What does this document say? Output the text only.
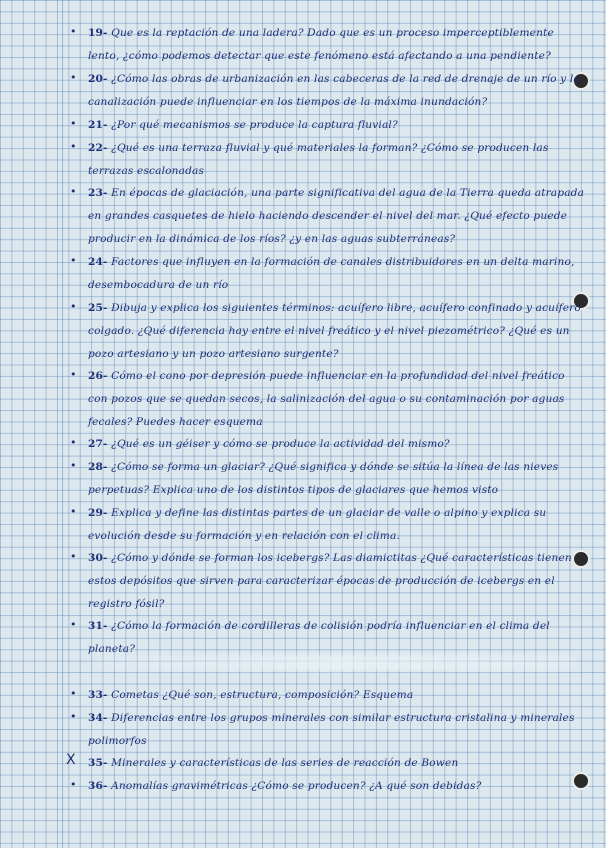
• 19- Que es la reptación de una ladera? Dado que es un proceso imperceptiblemente lento, ¿cómo podemos detectar que este fenómeno está afectando a una pendiente?
• 20- ¿Cómo las obras de urbanización en las cabeceras de la red de drenaje de un río y la canalización puede influenciar en los tiempos de la máxima inundación?
• 21- ¿Por qué mecanismos se produce la captura fluvial?
• 22- ¿Qué es una terraza fluvial y qué materiales la forman? ¿Cómo se producen las terrazas escalonadas
• 23- En épocas de glaciación, una parte significativa del agua de la Tierra queda atrapada en grandes casquetes de hielo haciendo descender el nivel del mar. ¿Qué efecto puede producir en la dinámica de los ríos? ¿y en las aguas subterráneas?
• 24- Factores que influyen en la formación de canales distribuidores en un delta marino, desembocadura de un río
• 25- Dibuja y explica los siguientes términos: acuífero libre, acuífero confinado y acuífero colgado. ¿Qué diferencia hay entre el nivel freático y el nivel piezométrico? ¿Qué es un pozo artesiano y un pozo artesiano surgente?
• 26- Cómo el cono por depresión puede influenciar en la profundidad del nivel freático con pozos que se quedan secos, la salinización del agua o su contaminación por aguas fecales? Puedes hacer esquema
• 27- ¿Qué es un géiser y cómo se produce la actividad del mismo?
• 28- ¿Cómo se forma un glaciar? ¿Qué significa y dónde se sitúa la línea de las nieves perpetuas? Explica uno de los distintos tipos de glaciares que hemos visto
• 29- Explica y define las distintas partes de un glaciar de valle o alpino y explica su evolución desde su formación y en relación con el clima.
• 30- ¿Cómo y dónde se forman los icebergs? Las diamictitas ¿Qué características tienen estos depósitos que sirven para caracterizar épocas de producción de icebergs en el registro fósil?
• 31- ¿Cómo la formación de cordilleras de colisión podría influenciar en el clima del planeta?
• 33- Cometas ¿Qué son, estructura, composición? Esquema
• 34- Diferencias entre los grupos minerales con similar estructura cristalina y minerales polimorfos
X 35- Minerales y características de las series de reacción de Bowen
• 36- Anomalías gravimétricas ¿Cómo se producen? ¿A qué son debidas?
